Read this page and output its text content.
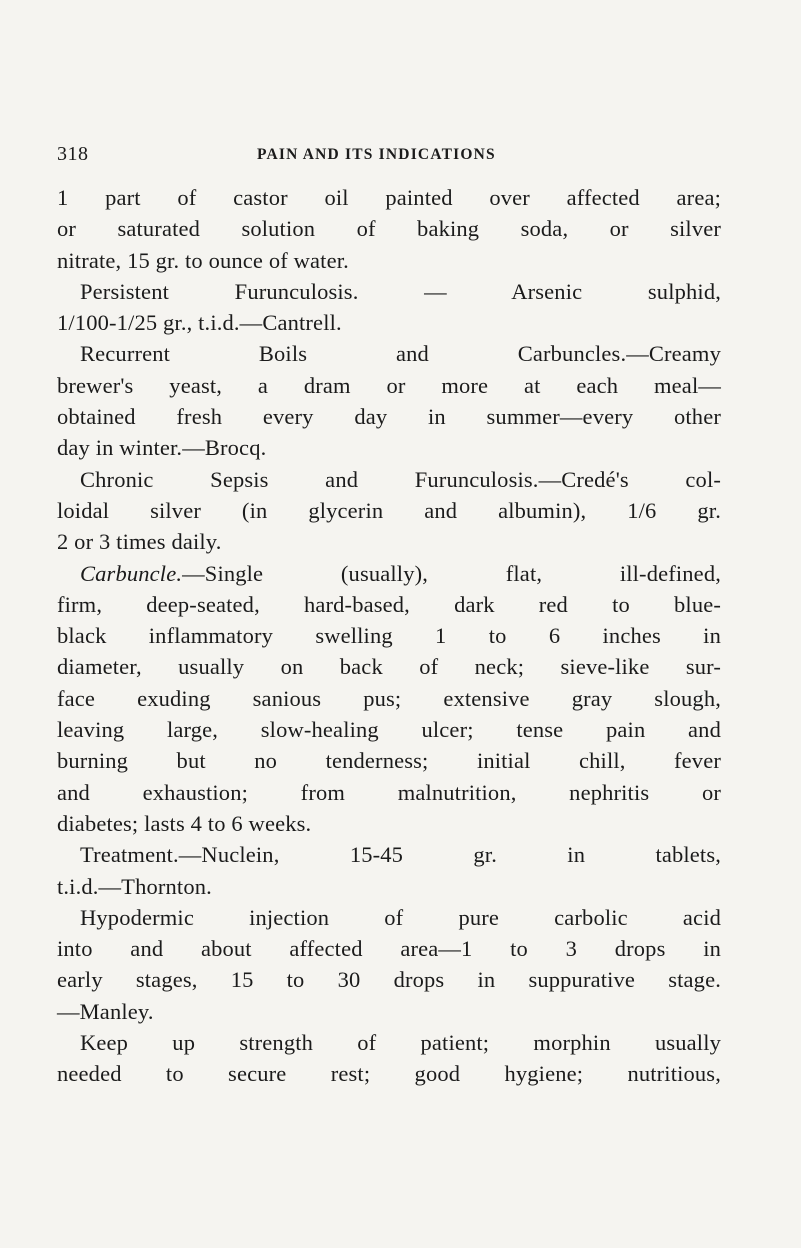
318	PAIN AND ITS INDICATIONS
1 part of castor oil painted over affected area;
or saturated solution of baking soda, or silver
nitrate, 15 gr. to ounce of water.
Persistent Furunculosis. — Arsenic sulphid,
1/100-1/25 gr., t.i.d.—Cantrell.
Recurrent Boils and Carbuncles.—Creamy
brewer's yeast, a dram or more at each meal—
obtained fresh every day in summer—every other
day in winter.—Brocq.
Chronic Sepsis and Furunculosis.—Credé's col-
loidal silver (in glycerin and albumin), 1/6 gr.
2 or 3 times daily.
Carbuncle. —Single (usually), flat, ill-defined,
firm, deep-seated, hard-based, dark red to blue-
black inflammatory swelling 1 to 6 inches in
diameter, usually on back of neck; sieve-like sur-
face exuding sanious pus; extensive gray slough,
leaving large, slow-healing ulcer; tense pain and
burning but no tenderness; initial chill, fever
and exhaustion; from malnutrition, nephritis or
diabetes; lasts 4 to 6 weeks.
Treatment.—Nuclein, 15-45 gr. in tablets,
t.i.d.—Thornton.
Hypodermic injection of pure carbolic acid
into and about affected area—1 to 3 drops in
early stages, 15 to 30 drops in suppurative stage.
—Manley.
Keep up strength of patient; morphin usually
needed to secure rest; good hygiene; nutritious,
